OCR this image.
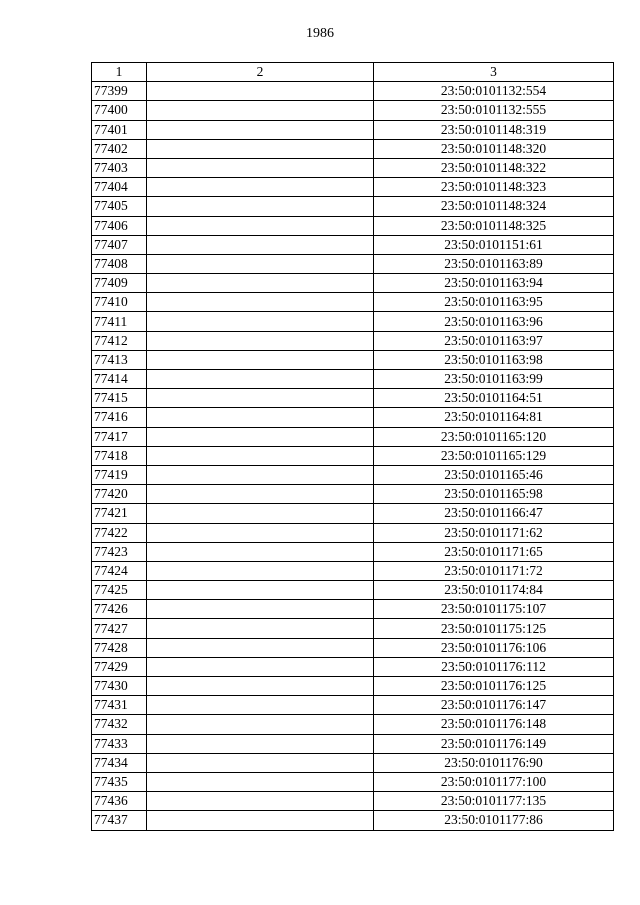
1986
1	2	3
77399		23:50:0101132:554
77400		23:50:0101132:555
77401		23:50:0101148:319
77402		23:50:0101148:320
77403		23:50:0101148:322
77404		23:50:0101148:323
77405		23:50:0101148:324
77406		23:50:0101148:325
77407		23:50:0101151:61
77408		23:50:0101163:89
77409		23:50:0101163:94
77410		23:50:0101163:95
77411		23:50:0101163:96
77412		23:50:0101163:97
77413		23:50:0101163:98
77414		23:50:0101163:99
77415		23:50:0101164:51
77416		23:50:0101164:81
77417		23:50:0101165:120
77418		23:50:0101165:129
77419		23:50:0101165:46
77420		23:50:0101165:98
77421		23:50:0101166:47
77422		23:50:0101171:62
77423		23:50:0101171:65
77424		23:50:0101171:72
77425		23:50:0101174:84
77426		23:50:0101175:107
77427		23:50:0101175:125
77428		23:50:0101176:106
77429		23:50:0101176:112
77430		23:50:0101176:125
77431		23:50:0101176:147
77432		23:50:0101176:148
77433		23:50:0101176:149
77434		23:50:0101176:90
77435		23:50:0101177:100
77436		23:50:0101177:135
77437		23:50:0101177:86
